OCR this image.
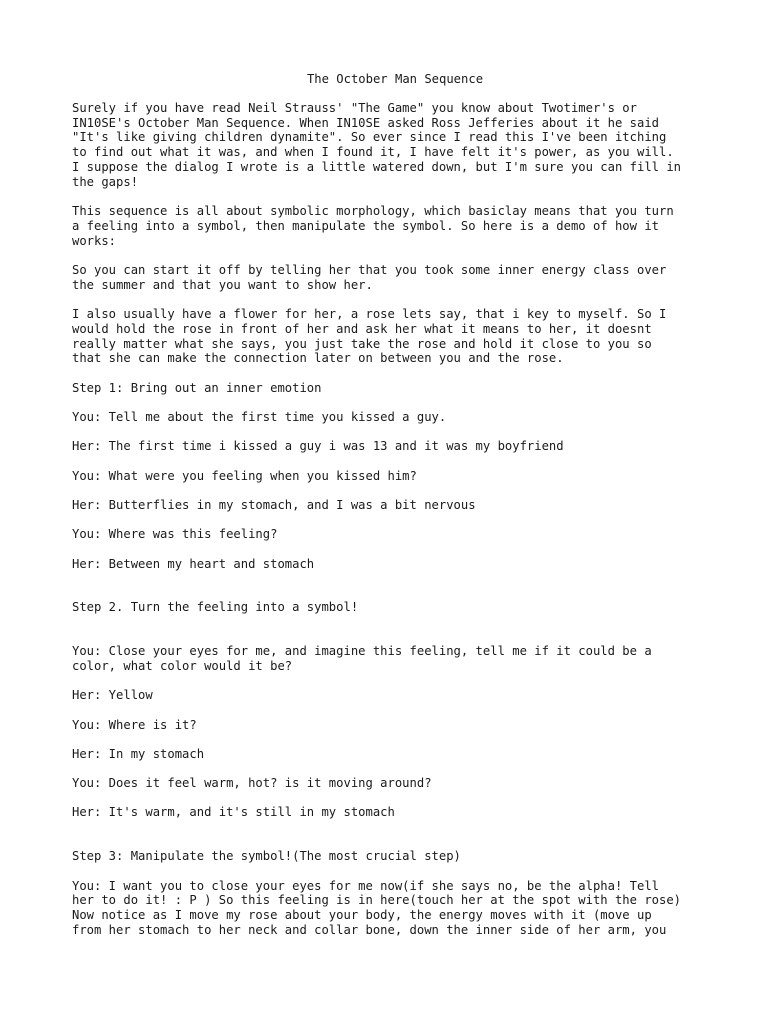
The October Man Sequence
Surely if you have read Neil Strauss' "The Game" you know about Twotimer's or
IN10SE's October Man Sequence. When IN10SE asked Ross Jefferies about it he said
"It's like giving children dynamite". So ever since I read this I've been itching
to find out what it was, and when I found it, I have felt it's power, as you will.
I suppose the dialog I wrote is a little watered down, but I'm sure you can fill in
the gaps!
This sequence is all about symbolic morphology, which basiclay means that you turn
a feeling into a symbol, then manipulate the symbol. So here is a demo of how it
works:
So you can start it off by telling her that you took some inner energy class over
the summer and that you want to show her.
I also usually have a flower for her, a rose lets say, that i key to myself. So I
would hold the rose in front of her and ask her what it means to her, it doesnt
really matter what she says, you just take the rose and hold it close to you so
that she can make the connection later on between you and the rose.
Step 1: Bring out an inner emotion
You: Tell me about the first time you kissed a guy.
Her: The first time i kissed a guy i was 13 and it was my boyfriend
You: What were you feeling when you kissed him?
Her: Butterflies in my stomach, and I was a bit nervous
You: Where was this feeling?
Her: Between my heart and stomach
Step 2. Turn the feeling into a symbol!
You: Close your eyes for me, and imagine this feeling, tell me if it could be a
color, what color would it be?
Her: Yellow
You: Where is it?
Her: In my stomach
You: Does it feel warm, hot? is it moving around?
Her: It's warm, and it's still in my stomach
Step 3: Manipulate the symbol!(The most crucial step)
You: I want you to close your eyes for me now(if she says no, be the alpha! Tell
her to do it! : P ) So this feeling is in here(touch her at the spot with the rose)
Now notice as I move my rose about your body, the energy moves with it (move up
from her stomach to her neck and collar bone, down the inner side of her arm, you
